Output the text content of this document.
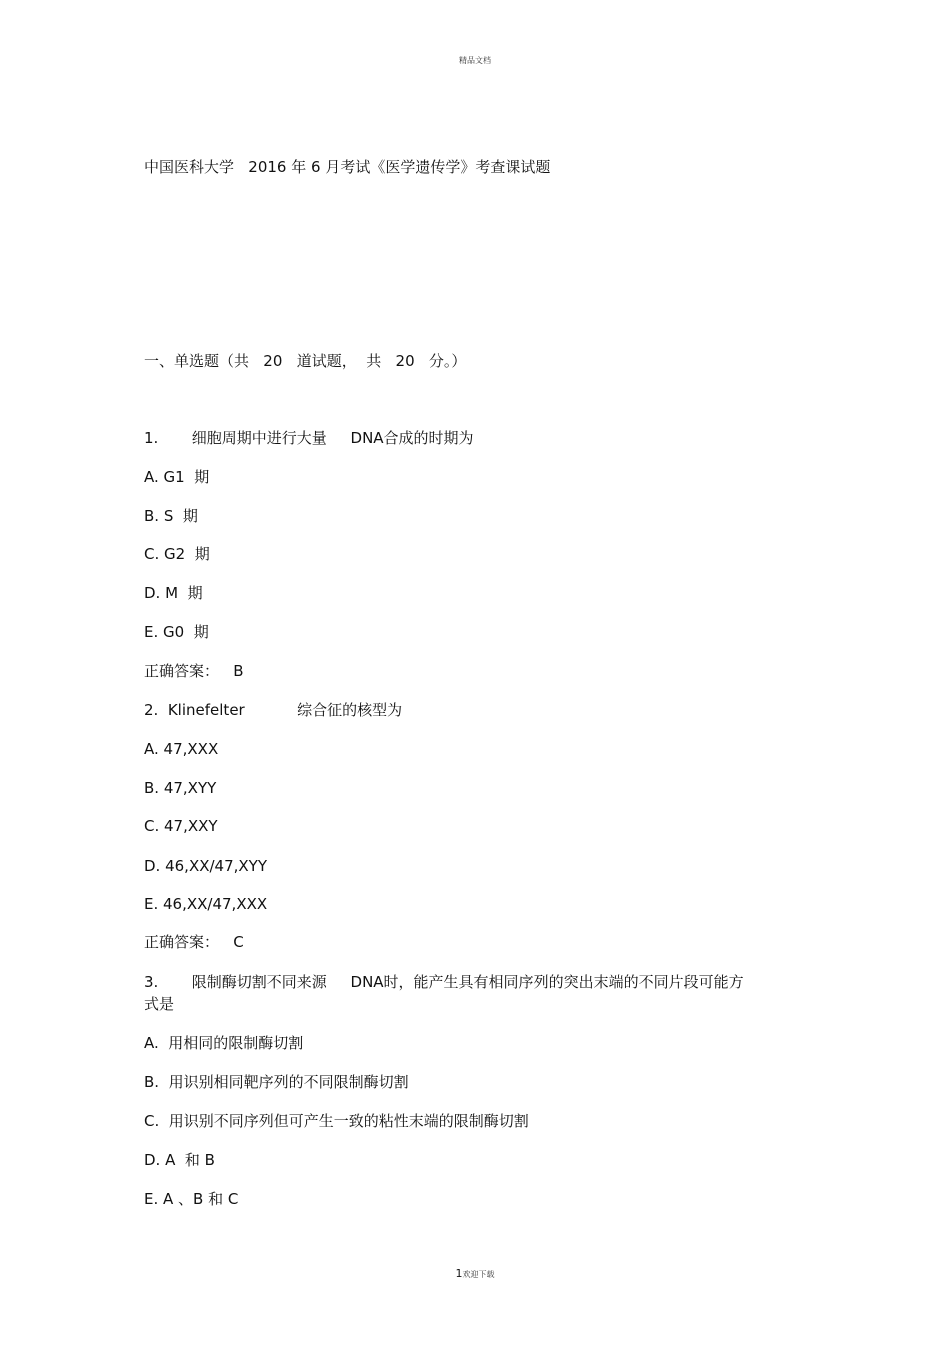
精品文档
中国医科大学   2016 年 6 月考试《医学遗传学》考查课试题
一、单选题（共   20   道试题，  共   20   分。）
1.       细胞周期中进行大量     DNA合成的时期为
A. G1  期
B. S  期
C. G2  期
D. M  期
E. G0  期
正确答案：   B
2.  Klinefelter           综合征的核型为
A. 47,XXX
B. 47,XYY
C. 47,XXY
D. 46,XX/47,XYY
E. 46,XX/47,XXX
正确答案：   C
3.       限制酶切割不同来源     DNA时，能产生具有相同序列的突出末端的不同片段可能方
式是
A.  用相同的限制酶切割
B.  用识别相同靶序列的不同限制酶切割
C.  用识别不同序列但可产生一致的粘性末端的限制酶切割
D. A  和 B
E. A 、B 和 C
1欢迎下载
